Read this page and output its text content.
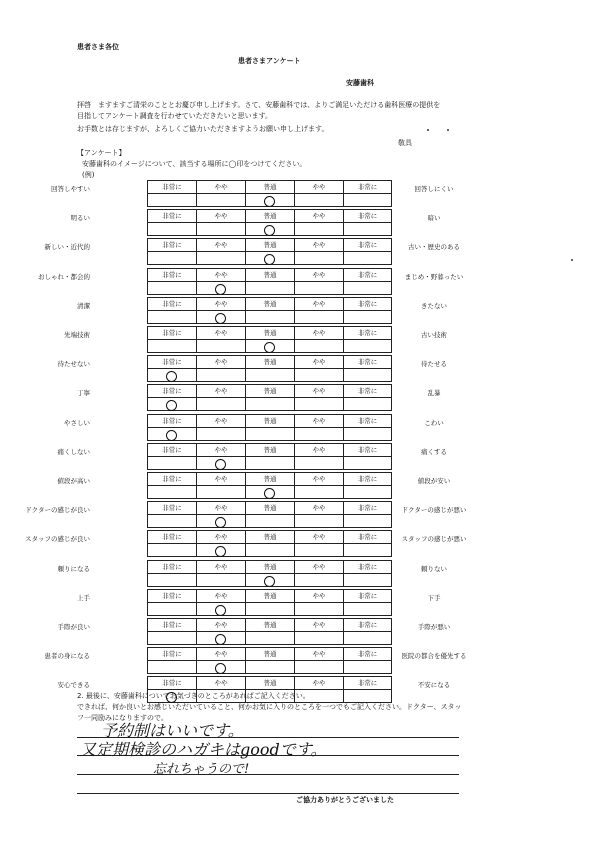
患者さま各位
患者さまアンケート
安藤歯科
拝啓　ますますご清栄のこととお慶び申し上げます。さて、安藤歯科では、よりご満足いただける歯科医療の提供を
目指してアンケート調査を行わせていただきたいと思います。
お手数とは存じますが、よろしくご協力いただきますようお願い申し上げます。
敬具
【アンケート】
安藤歯科のイメージについて、該当する場所に◯印をつけてください。
(例)
回答しやすい	非常に	やや	普通	やや	非常に	回答しにくい
明るい	非常に	やや	普通	やや	非常に	暗い
新しい・近代的	非常に	やや	普通	やや	非常に	古い・歴史のある
おしゃれ・都会的	非常に	やや	普通	やや	非常に	まじめ・野暮ったい
清潔	非常に	やや	普通	やや	非常に	きたない
先端技術	非常に	やや	普通	やや	非常に	古い技術
待たせない	非常に	やや	普通	やや	非常に	待たせる
丁寧	非常に	やや	普通	やや	非常に	乱暴
やさしい	非常に	やや	普通	やや	非常に	こわい
痛くしない	非常に	やや	普通	やや	非常に	痛くする
値段が高い	非常に	やや	普通	やや	非常に	値段が安い
ドクターの感じが良い	非常に	やや	普通	やや	非常に	ドクターの感じが悪い
スタッフの感じが良い	非常に	やや	普通	やや	非常に	スタッフの感じが悪い
頼りになる	非常に	やや	普通	やや	非常に	頼りない
上手	非常に	やや	普通	やや	非常に	下手
手際が良い	非常に	やや	普通	やや	非常に	手際が悪い
患者の身になる	非常に	やや	普通	やや	非常に	医院の都合を優先する
安心できる	非常に	やや	普通	やや	非常に	不安になる
2. 最後に、安藤歯科についてお気づきのところがあればご記入ください。
できれば、何か良いとお感じいただいていること、何かお気に入りのところを一つでもご記入ください。ドクター、スタッ
フ一同励みになりますので。
予約制はいいです。
又定期検診のハガキはgoodです。
忘れちゃうので!
ご協力ありがとうございました
